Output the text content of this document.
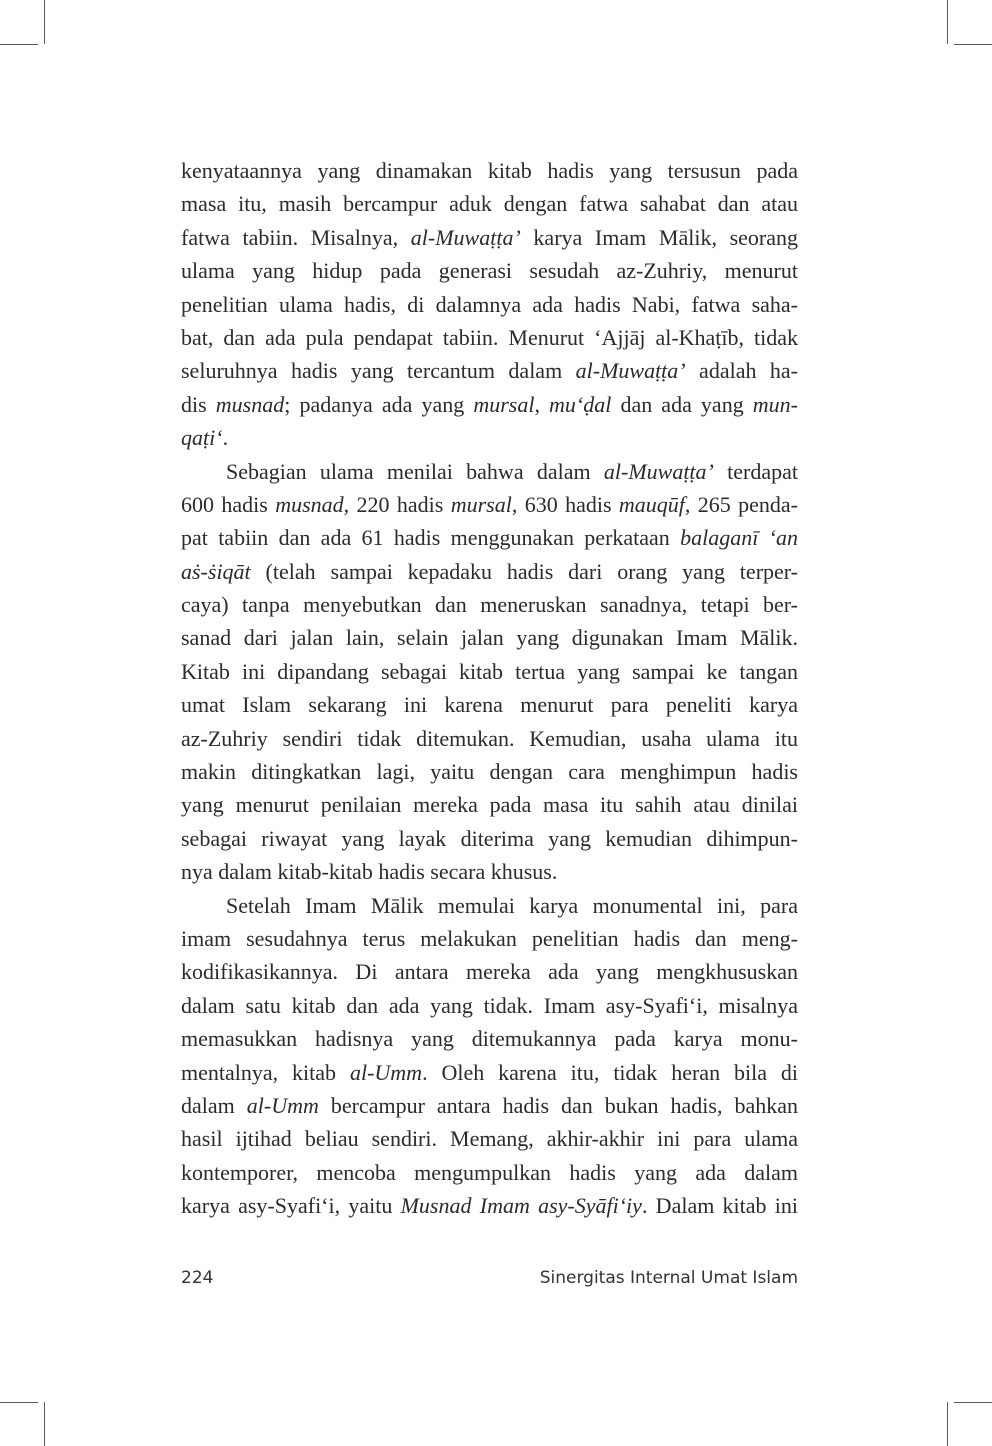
kenyataannya yang dinamakan kitab hadis yang tersusun pada
masa itu, masih bercampur aduk dengan fatwa sahabat dan atau
fatwa tabiin. Misalnya, al-Muwaṭṭa’ karya Imam Mālik, seorang
ulama yang hidup pada generasi sesudah az-Zuhriy, menurut
penelitian ulama hadis, di dalamnya ada hadis Nabi, fatwa saha-
bat, dan ada pula pendapat tabiin. Menurut ‘Ajjāj al-Khaṭīb, tidak
seluruhnya hadis yang tercantum dalam al-Muwaṭṭa’ adalah ha-
dis musnad; padanya ada yang mursal, mu‘ḍal dan ada yang mun-
qaṭi‘.
Sebagian ulama menilai bahwa dalam al-Muwaṭṭa’ terdapat
600 hadis musnad, 220 hadis mursal, 630 hadis mauqūf, 265 penda-
pat tabiin dan ada 61 hadis menggunakan perkataan balaganī ‘an
aṡ-ṡiqāt (telah sampai kepadaku hadis dari orang yang terper-
caya) tanpa menyebutkan dan meneruskan sanadnya, tetapi ber-
sanad dari jalan lain, selain jalan yang digunakan Imam Mālik.
Kitab ini dipandang sebagai kitab tertua yang sampai ke tangan
umat Islam sekarang ini karena menurut para peneliti karya
az-Zuhriy sendiri tidak ditemukan. Kemudian, usaha ulama itu
makin ditingkatkan lagi, yaitu dengan cara menghimpun hadis
yang menurut penilaian mereka pada masa itu sahih atau dinilai
sebagai riwayat yang layak diterima yang kemudian dihimpun-
nya dalam kitab-kitab hadis secara khusus.
Setelah Imam Mālik memulai karya monumental ini, para
imam sesudahnya terus melakukan penelitian hadis dan meng-
kodifikasikannya. Di antara mereka ada yang mengkhususkan
dalam satu kitab dan ada yang tidak. Imam asy-Syafi‘i, misalnya
memasukkan hadisnya yang ditemukannya pada karya monu-
mentalnya, kitab al-Umm. Oleh karena itu, tidak heran bila di
dalam al-Umm bercampur antara hadis dan bukan hadis, bahkan
hasil ijtihad beliau sendiri. Memang, akhir-akhir ini para ulama
kontemporer, mencoba mengumpulkan hadis yang ada dalam
karya asy-Syafi‘i, yaitu Musnad Imam asy-Syāfi‘iy. Dalam kitab ini
224	Sinergitas Internal Umat Islam
